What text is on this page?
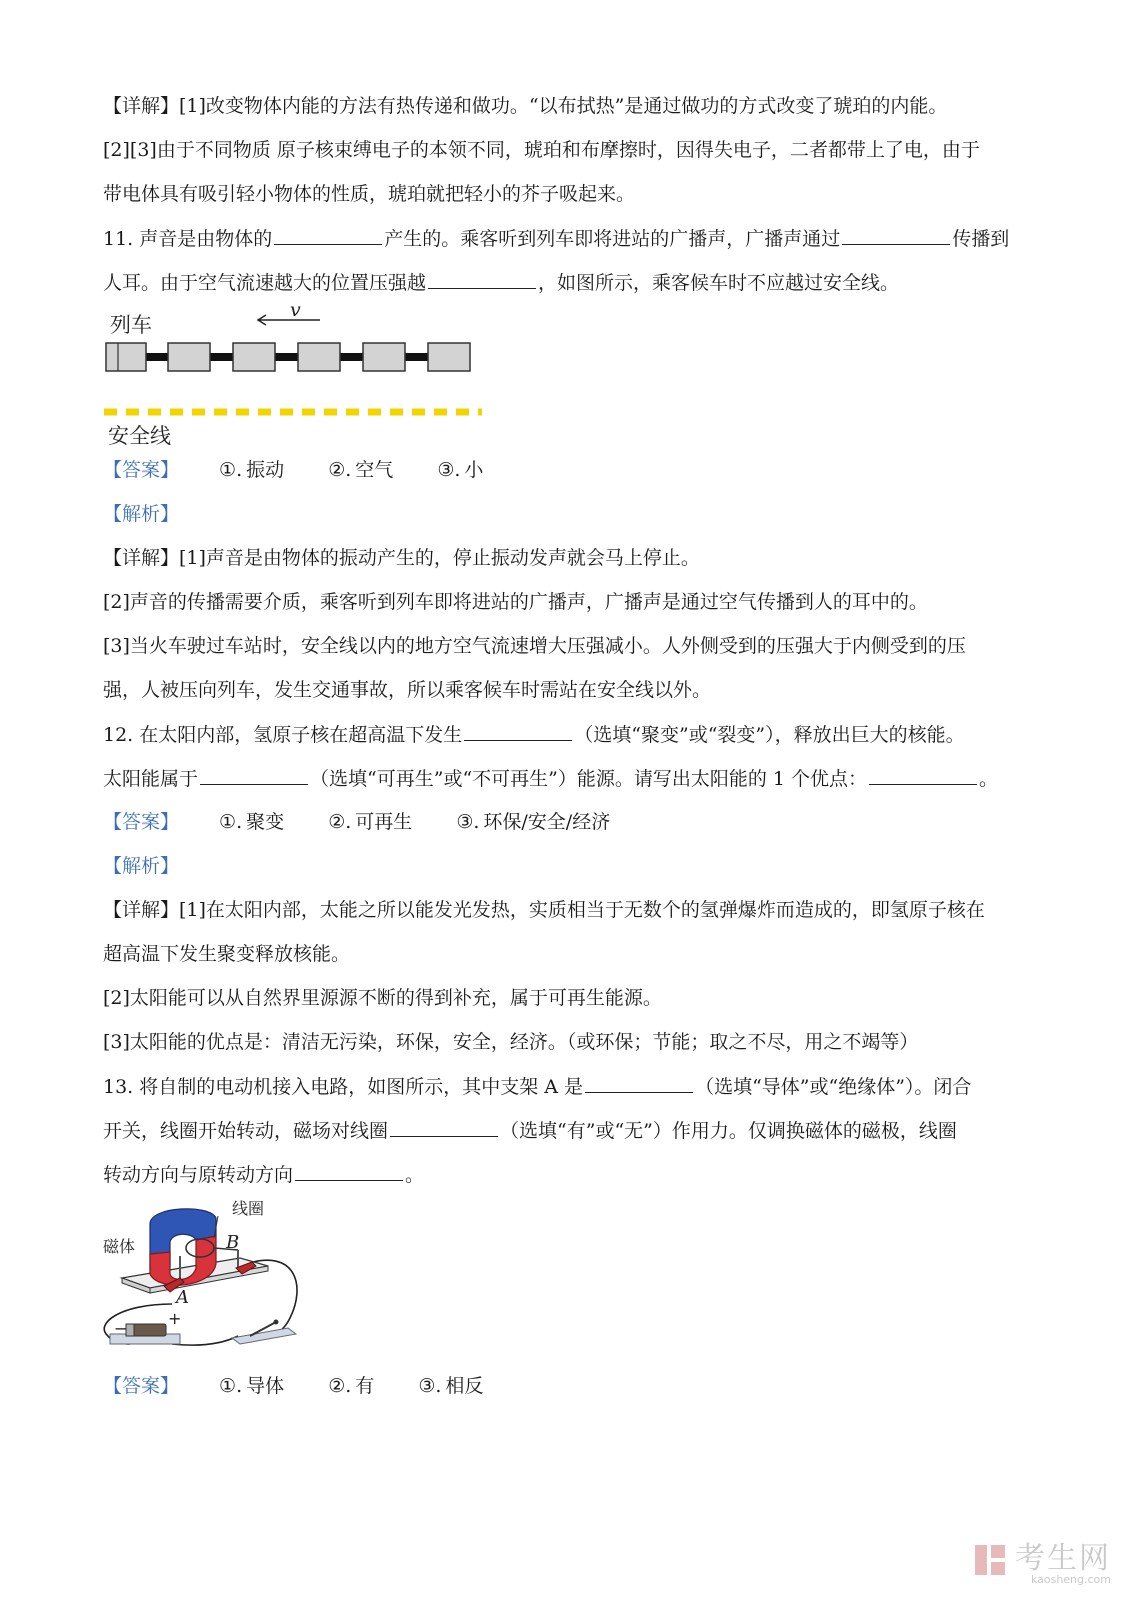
【详解】[1]改变物体内能的方法有热传递和做功。“以布拭热”是通过做功的方式改变了琥珀的内能。
[2][3]由于不同物质 原子核束缚电子的本领不同，琥珀和布摩擦时，因得失电子，二者都带上了电，由于
带电体具有吸引轻小物体的性质，琥珀就把轻小的芥子吸起来。
11. 声音是由物体的	产生的。乘客听到列车即将进站的广播声，广播声通过	传播到
人耳。由于空气流速越大的位置压强越	，如图所示，乘客候车时不应越过安全线。
列车
v
安全线
【答案】 ①. 振动 ②. 空气 ③. 小
【解析】
【详解】[1]声音是由物体的振动产生的，停止振动发声就会马上停止。
[2]声音的传播需要介质，乘客听到列车即将进站的广播声，广播声是通过空气传播到人的耳中的。
[3]当火车驶过车站时，安全线以内的地方空气流速增大压强减小。人外侧受到的压强大于内侧受到的压
强，人被压向列车，发生交通事故，所以乘客候车时需站在安全线以外。
12. 在太阳内部，氢原子核在超高温下发生	（选填“聚变”或“裂变”），释放出巨大的核能。
太阳能属于	（选填“可再生”或“不可再生”）能源。请写出太阳能的 1 个优点：	。
【答案】 ①. 聚变 ②. 可再生 ③. 环保/安全/经济
【解析】
【详解】[1]在太阳内部，太能之所以能发光发热，实质相当于无数个的氢弹爆炸而造成的，即氢原子核在
超高温下发生聚变释放核能。
[2]太阳能可以从自然界里源源不断的得到补充，属于可再生能源。
[3]太阳能的优点是：清洁无污染，环保，安全，经济。（或环保；节能；取之不尽，用之不竭等）
13. 将自制的电动机接入电路，如图所示，其中支架 A 是	（选填“导体”或“绝缘体”）。闭合
开关，线圈开始转动，磁场对线圈	（选填“有”或“无”）作用力。仅调换磁体的磁极，线圈
转动方向与原转动方向	。
线圈
磁体	B
A
−
+
【答案】 ①. 导体 ②. 有 ③. 相反
考生网
kaosheng.com
